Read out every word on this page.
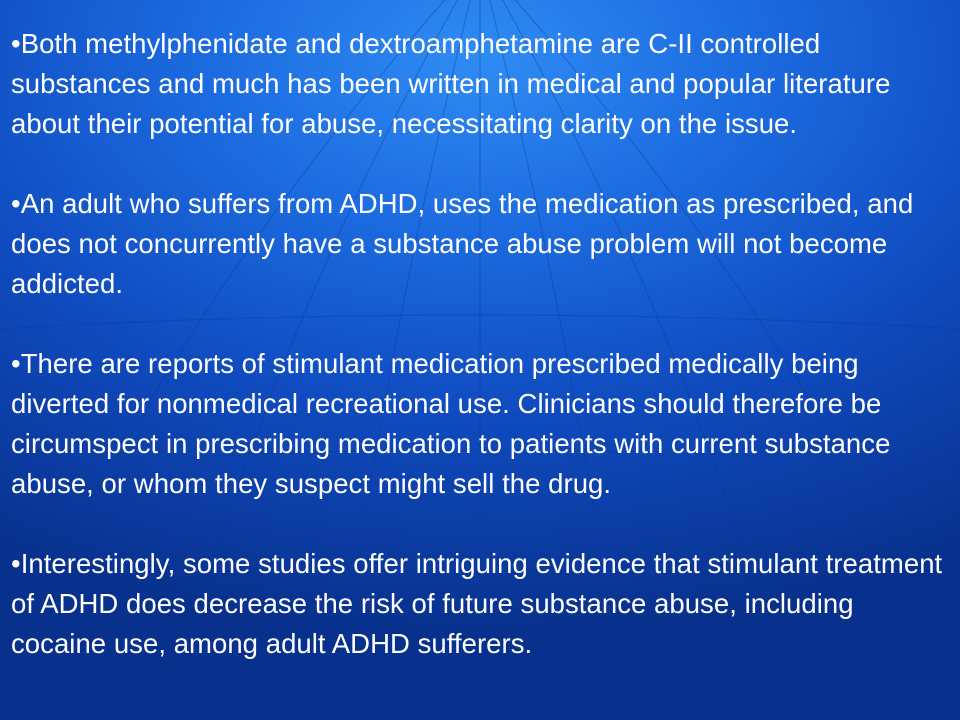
•Both methylphenidate and dextroamphetamine are C-II controlled substances and much has been written in medical and popular literature about their potential for abuse, necessitating clarity on the issue.

•An adult who suffers from ADHD, uses the medication as prescribed, and does not concurrently have a substance abuse problem will not become addicted.

•There are reports of stimulant medication prescribed medically being diverted for nonmedical recreational use. Clinicians should therefore be circumspect in prescribing medication to patients with current substance abuse, or whom they suspect might sell the drug.

•Interestingly, some studies offer intriguing evidence that stimulant treatment of ADHD does decrease the risk of future substance abuse, including cocaine use, among adult ADHD sufferers.
